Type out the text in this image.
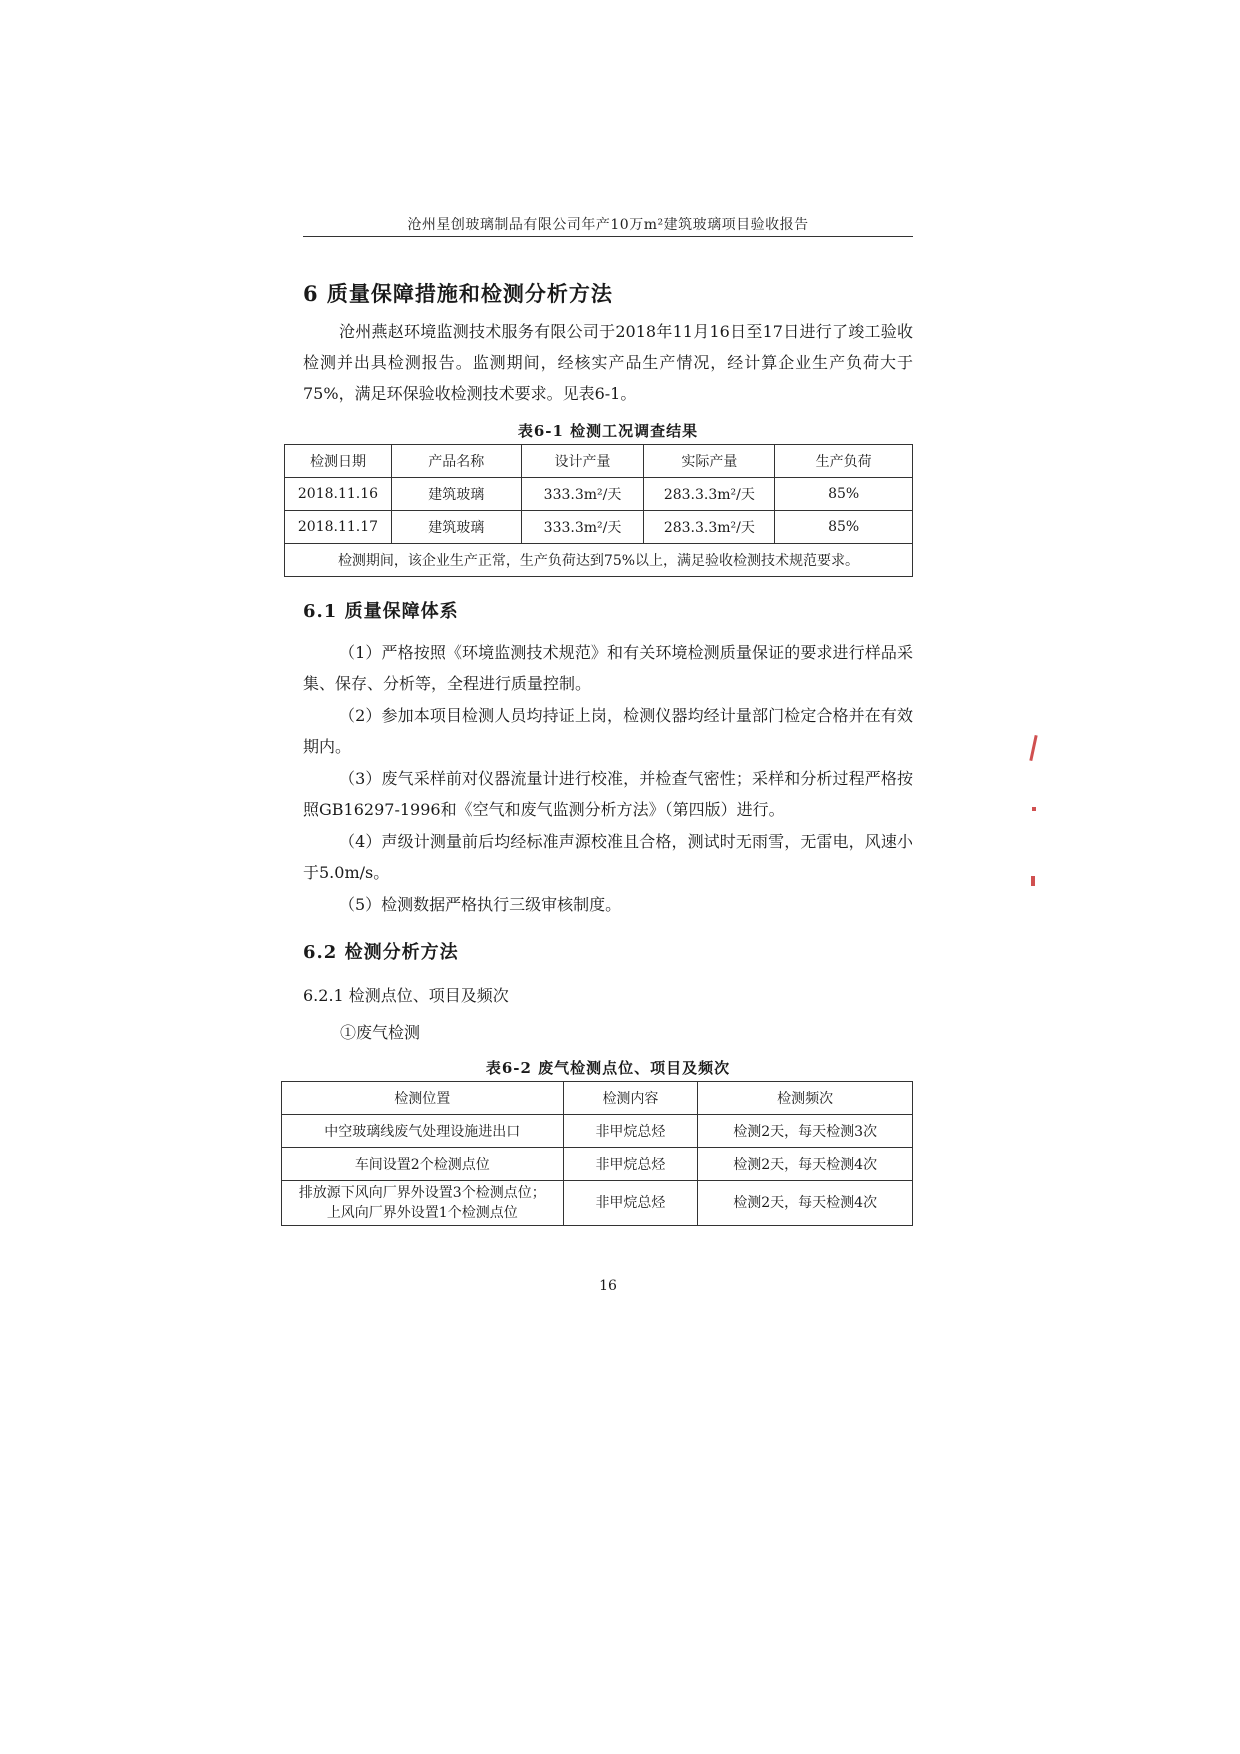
沧州星创玻璃制品有限公司年产10万m²建筑玻璃项目验收报告
6 质量保障措施和检测分析方法
沧州燕赵环境监测技术服务有限公司于2018年11月16日至17日进行了竣工验收检测并出具检测报告。监测期间，经核实产品生产情况，经计算企业生产负荷大于75%，满足环保验收检测技术要求。见表6-1。
表6-1 检测工况调查结果
检测日期	产品名称	设计产量	实际产量	生产负荷
2018.11.16	建筑玻璃	333.3m²/天	283.3.3m²/天	85%
2018.11.17	建筑玻璃	333.3m²/天	283.3.3m²/天	85%
检测期间，该企业生产正常，生产负荷达到75%以上，满足验收检测技术规范要求。				
6.1 质量保障体系
（1）严格按照《环境监测技术规范》和有关环境检测质量保证的要求进行样品采集、保存、分析等，全程进行质量控制。
（2）参加本项目检测人员均持证上岗，检测仪器均经计量部门检定合格并在有效期内。
（3）废气采样前对仪器流量计进行校准，并检查气密性；采样和分析过程严格按照GB16297-1996和《空气和废气监测分析方法》（第四版）进行。
（4）声级计测量前后均经标准声源校准且合格，测试时无雨雪，无雷电，风速小于5.0m/s。
（5）检测数据严格执行三级审核制度。
6.2 检测分析方法
6.2.1 检测点位、项目及频次
①废气检测
表6-2 废气检测点位、项目及频次
检测位置	检测内容	检测频次
中空玻璃线废气处理设施进出口	非甲烷总烃	检测2天，每天检测3次
车间设置2个检测点位	非甲烷总烃	检测2天，每天检测4次

排放源下风向厂界外设置3个检测点位；
上风向厂界外设置1个检测点位	非甲烷总烃	检测2天，每天检测4次
16
